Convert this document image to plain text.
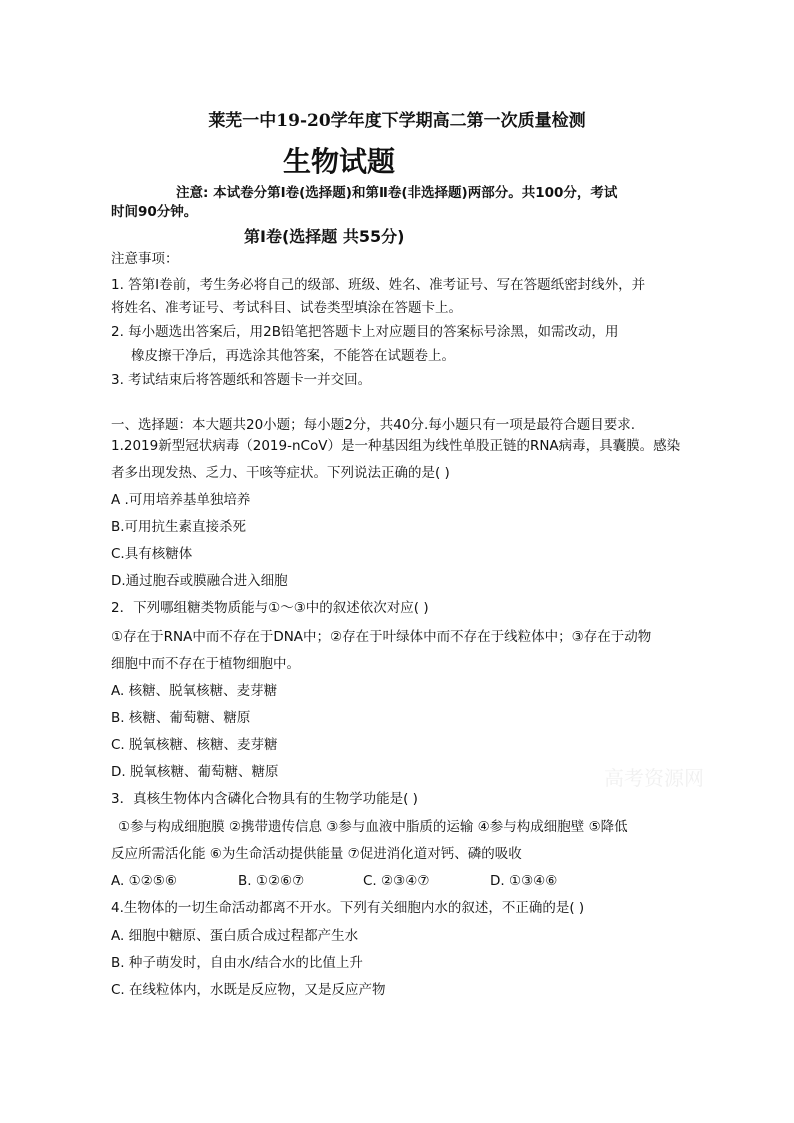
莱芜一中19-20学年度下学期高二第一次质量检测
生物试题
注意: 本试卷分第Ⅰ卷(选择题)和第Ⅱ卷(非选择题)两部分。共100分，考试
时间90分钟。
第Ⅰ卷(选择题 共55分)
注意事项：
1. 答第Ⅰ卷前，考生务必将自己的级部、班级、姓名、准考证号、写在答题纸密封线外，并
将姓名、准考证号、考试科目、试卷类型填涂在答题卡上。
2. 每小题选出答案后，用2B铅笔把答题卡上对应题目的答案标号涂黑，如需改动，用
橡皮擦干净后，再选涂其他答案，不能答在试题卷上。
3. 考试结束后将答题纸和答题卡一并交回。
一、选择题：本大题共20小题；每小题2分，共40分.每小题只有一项是最符合题目要求.
1.2019新型冠状病毒（2019-nCoV）是一种基因组为线性单股正链的RNA病毒，具囊膜。感染
者多出现发热、乏力、干咳等症状。下列说法正确的是( )
A .可用培养基单独培养
B.可用抗生素直接杀死
C.具有核糖体
D.通过胞吞或膜融合进入细胞
2．下列哪组糖类物质能与①～③中的叙述依次对应( )
①存在于RNA中而不存在于DNA中；②存在于叶绿体中而不存在于线粒体中；③存在于动物
细胞中而不存在于植物细胞中。
A. 核糖、脱氧核糖、麦芽糖
B. 核糖、葡萄糖、糖原
C. 脱氧核糖、核糖、麦芽糖
D. 脱氧核糖、葡萄糖、糖原
3．真核生物体内含磷化合物具有的生物学功能是( )
①参与构成细胞膜 ②携带遗传信息 ③参与血液中脂质的运输 ④参与构成细胞壁 ⑤降低
反应所需活化能 ⑥为生命活动提供能量 ⑦促进消化道对钙、磷的吸收
A. ①②⑤⑥	B. ①②⑥⑦	C. ②③④⑦	D. ①③④⑥
4.生物体的一切生命活动都离不开水。下列有关细胞内水的叙述，不正确的是( )
A. 细胞中糖原、蛋白质合成过程都产生水
B. 种子萌发时，自由水/结合水的比值上升
C. 在线粒体内，水既是反应物，又是反应产物
高考资源网
